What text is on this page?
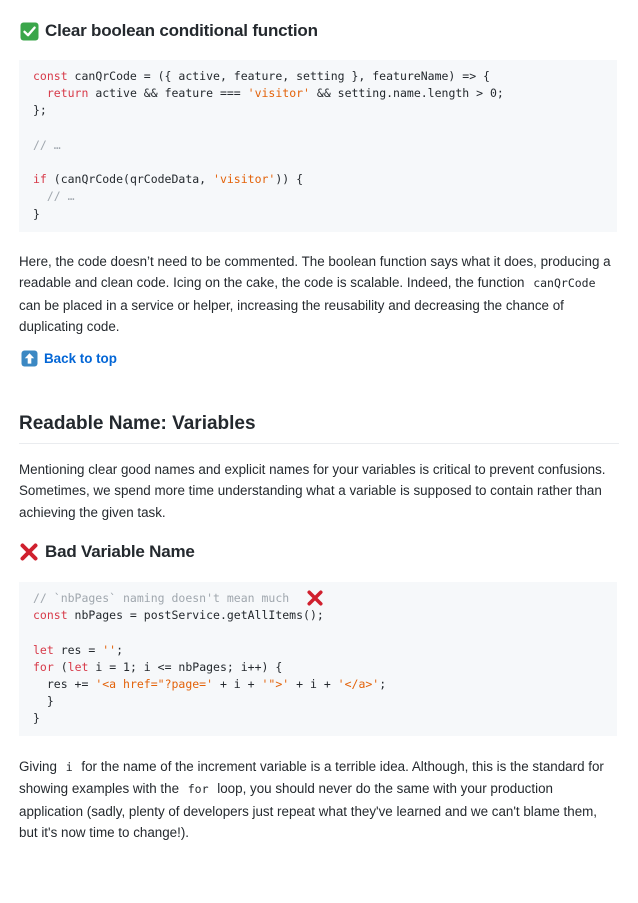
Clear boolean conditional function
const canQrCode = ({ active, feature, setting }, featureName) => {
return active && feature === 'visitor' && setting.name.length > 0;
};
// …
if (canQrCode(qrCodeData, 'visitor')) {
// …
}
Here, the code doesn’t need to be commented. The boolean function says what it does, producing a readable and clean code. Icing on the cake, the code is scalable. Indeed, the function canQrCode can be placed in a service or helper, increasing the reusability and decreasing the chance of duplicating code.
Back to top
Readable Name: Variables
Mentioning clear good names and explicit names for your variables is critical to prevent confusions. Sometimes, we spend more time understanding what a variable is supposed to contain rather than achieving the given task.
Bad Variable Name
// `nbPages` naming doesn't mean much
const nbPages = postService.getAllItems();
let res = '';
for (let i = 1; i <= nbPages; i++) {
res += '<a href="?page=' + i + '">' + i + '</a>';
}
}
Giving i for the name of the increment variable is a terrible idea. Although, this is the standard for showing examples with the for loop, you should never do the same with your production application (sadly, plenty of developers just repeat what they've learned and we can't blame them, but it's now time to change!).
